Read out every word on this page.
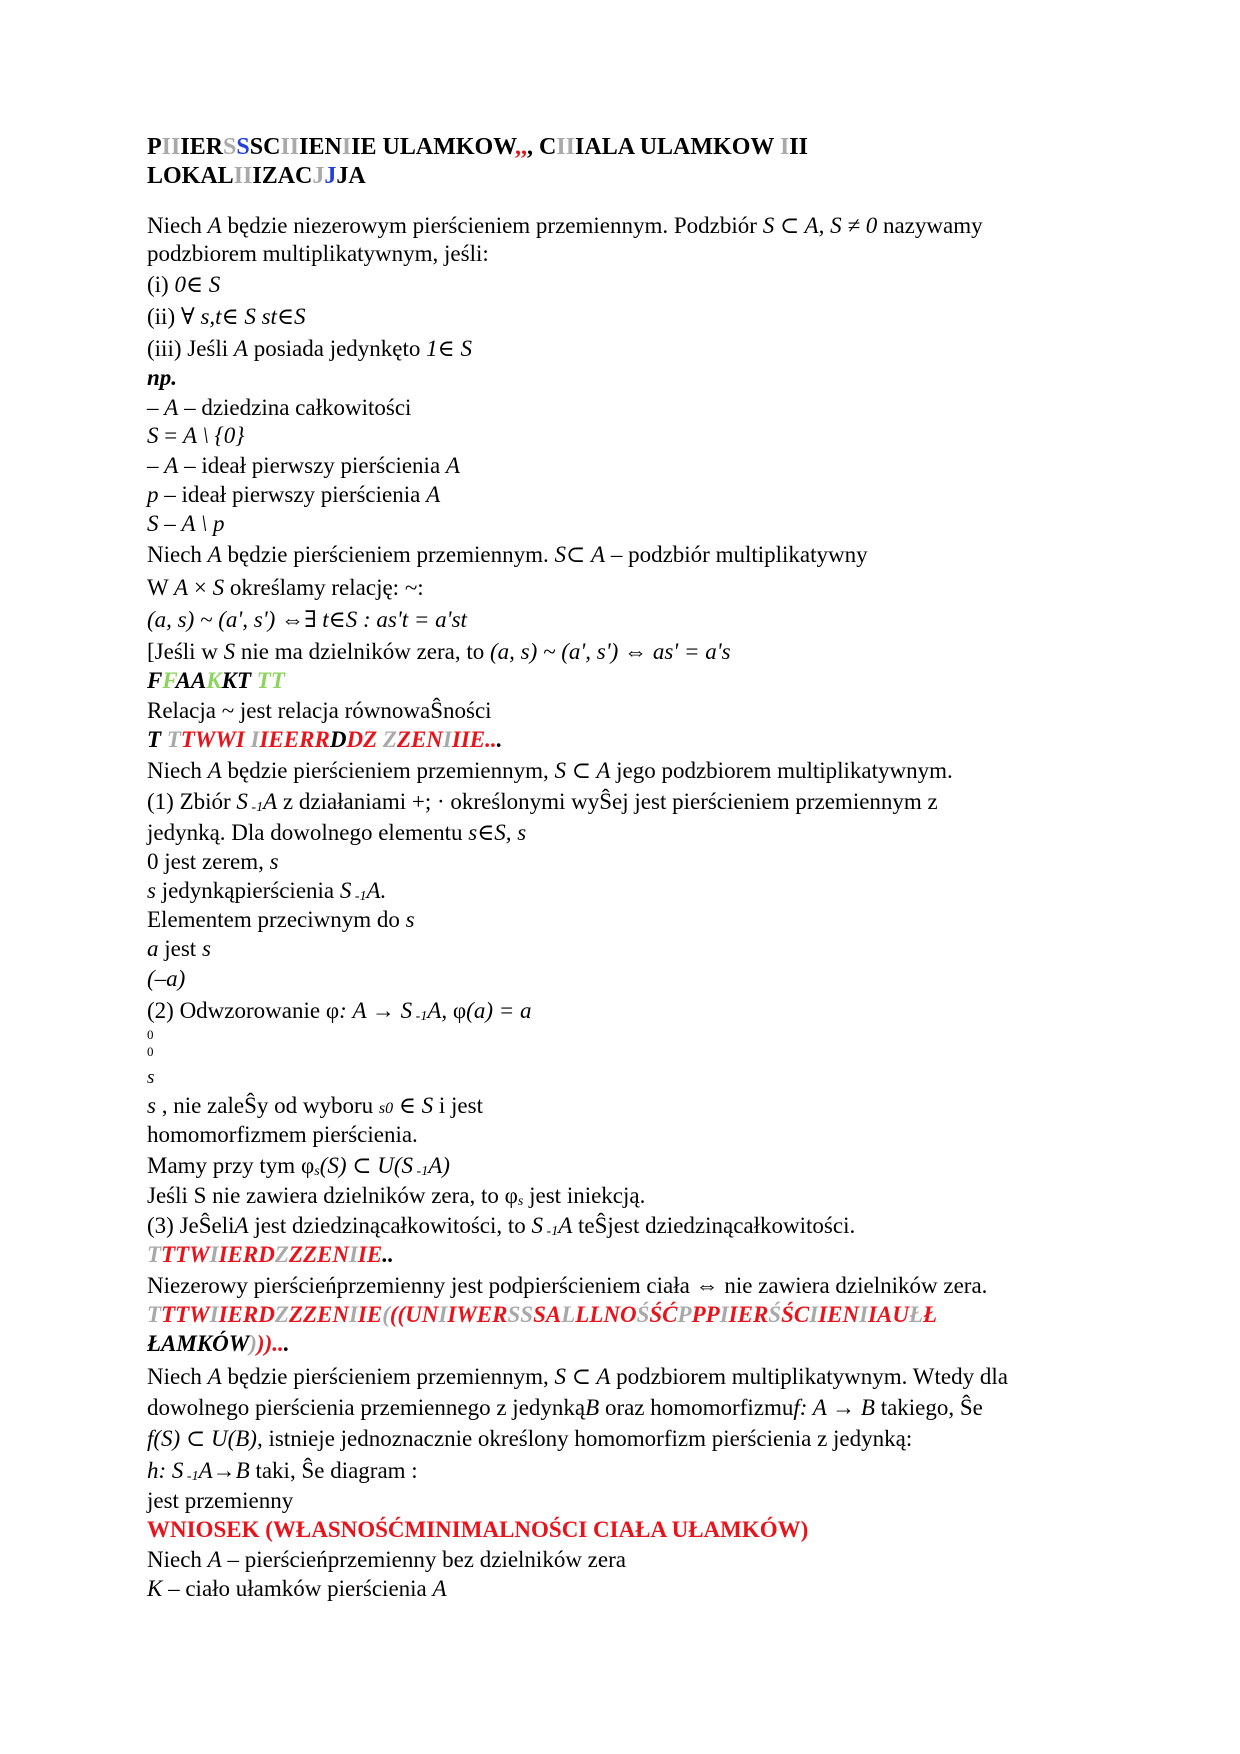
PIIIERSSSCIIIENIIE ULAMKOW,,, CIIIALA ULAMKOW III
LOKALIIIZACJJJA
Niech A będzie niezerowym pierścieniem przemiennym. Podzbiór S ⊂ A, S ≠ 0 nazywamy
podzbiorem multiplikatywnym, jeśli:
(i) 0∈ S
(ii) ∀ s,t∈ S st∈S
(iii) Jeśli A posiada jedynkęto 1∈ S
np.
– A – dziedzina całkowitości
S = A \ {0}
– A – ideał pierwszy pierścienia A
p – ideał pierwszy pierścienia A
S – A \ p
Niech A będzie pierścieniem przemiennym. S⊂ A – podzbiór multiplikatywny
W A × S określamy relację: ~:
(a, s) ~ (a', s') ⇔∃ t∈S : as't = a'st
[Jeśli w S nie ma dzielników zera, to (a, s) ~ (a', s') ⇔ as' = a's
FFAAKKT TT
Relacja ~ jest relacja równowaŜności
T TTWWI IIEERRDDZ ZZENIIIE...
Niech A będzie pierścieniem przemiennym, S ⊂ A jego podzbiorem multiplikatywnym.
(1) Zbiór S -1A z działaniami +; · określonymi wyŜej jest pierścieniem przemiennym z
jedynką. Dla dowolnego elementu s∈S, s
0 jest zerem, s
s jedynkąpierścienia S -1A.
Elementem przeciwnym do s
a jest s
(–a)
(2) Odwzorowanie φ: A → S -1A, φ(a) = a
0
0
s
s , nie zaleŜy od wyboru s0 ∈ S i jest
homomorfizmem pierścienia.
Mamy przy tym φs(S) ⊂ U(S -1A)
Jeśli S nie zawiera dzielników zera, to φs jest iniekcją.
(3) JeŜeliA jest dziedzinącałkowitości, to S -1A teŜjest dziedzinącałkowitości.
TTTWIIERDZZZENIIE..
Niezerowy pierścieńprzemienny jest podpierścieniem ciała ⇔ nie zawiera dzielników zera.
TTTWIIERDZZZENIIE(((UNIIWERSSSALLLNOŚŚĆPPPIIERŚŚCIIENIIAUŁŁ
ŁAMKÓW)))...
Niech A będzie pierścieniem przemiennym, S ⊂ A podzbiorem multiplikatywnym. Wtedy dla
dowolnego pierścienia przemiennego z jedynkąB oraz homomorfizmuf: A → B takiego, Ŝe
f(S) ⊂ U(B), istnieje jednoznacznie określony homomorfizm pierścienia z jedynką:
h: S -1A→B taki, Ŝe diagram :
jest przemienny
WNIOSEK (WŁASNOŚĆMINIMALNOŚCI CIAŁA UŁAMKÓW)
Niech A – pierścieńprzemienny bez dzielników zera
K – ciało ułamków pierścienia A
